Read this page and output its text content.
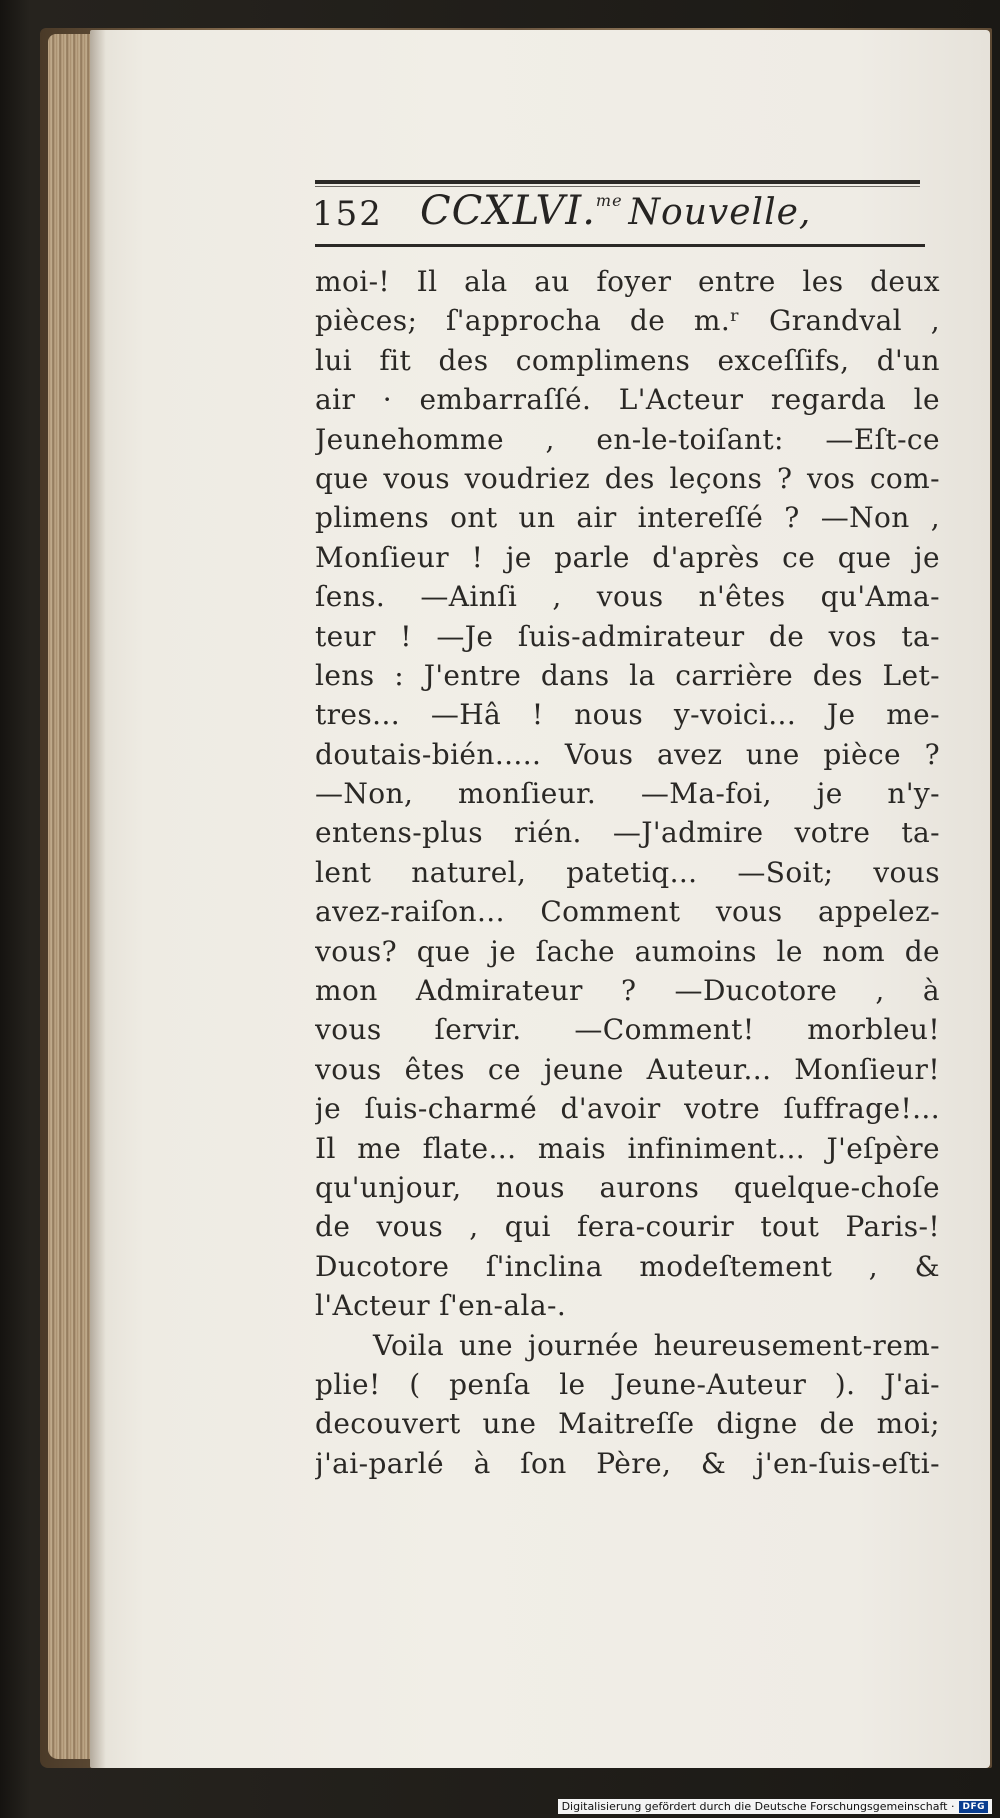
152 CCXLVI.$^{me}$ Nouvelle,
moi-! Il ala au foyer entre les deux
pièces; ſ'approcha de m.ʳ Grandval ,
lui fit des complimens exceſſifs, d'un
air · embarraſſé. L'Acteur regarda le
Jeunehomme , en-le-toiſant: —Eſt-ce
que vous voudriez des leçons ? vos com-
plimens ont un air intereſſé ? —Non ,
Monſieur ! je parle d'après ce que je
ſens. —Ainſi , vous n'êtes qu'Ama-
teur ! —Je ſuis-admirateur de vos ta-
lens : J'entre dans la carrière des Let-
tres... —Hâ ! nous y-voici... Je me-
doutais-bién..... Vous avez une pièce ?
—Non, monſieur. —Ma-foi, je n'y-
entens-plus rién. —J'admire votre ta-
lent naturel, patetiq... —Soit; vous
avez-raiſon... Comment vous appelez-
vous? que je ſache aumoins le nom de
mon Admirateur ? —Ducotore , à
vous ſervir. —Comment! morbleu!
vous êtes ce jeune Auteur... Monſieur!
je ſuis-charmé d'avoir votre ſuffrage!...
Il me flate... mais infiniment... J'eſpère
qu'unjour, nous aurons quelque-choſe
de vous , qui fera-courir tout Paris-!
Ducotore ſ'inclina modeſtement , &
l'Acteur ſ'en-ala-.
Voila une journée heureusement-rem-
plie! ( penſa le Jeune-Auteur ). J'ai-
decouvert une Maitreſſe digne de moi;
j'ai-parlé à ſon Père, & j'en-ſuis-eſti-
Digitalisierung gefördert durch die Deutsche Forschungsgemeinschaft · DFG
